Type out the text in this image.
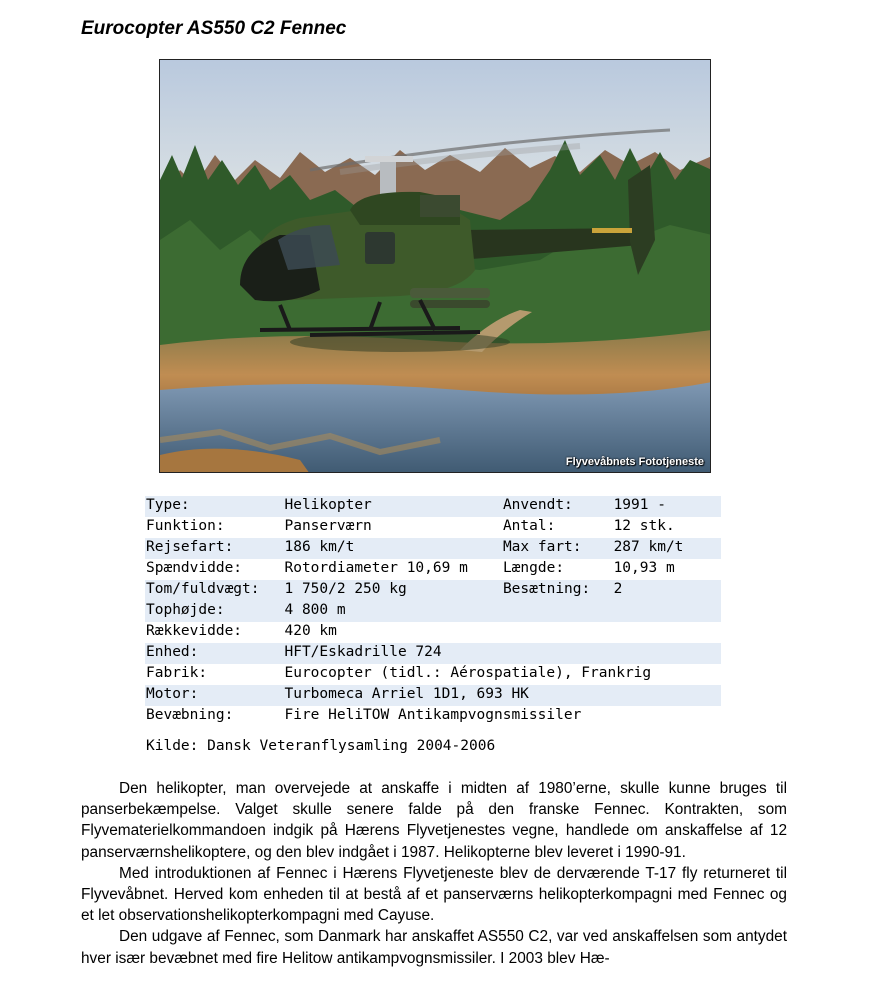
Eurocopter AS550 C2 Fennec
Flyvevåbnets Fototjeneste
Type:	Helikopter	Anvendt:	1991 -
Funktion:	Panserværn	Antal:	12 stk.
Rejsefart:	186 km/t	Max fart:	287 km/t
Spændvidde:	Rotordiameter 10,69 m	Længde:	10,93 m
Tom/fuldvægt:	1 750/2 250 kg	Besætning:	2
Tophøjde:	4 800 m		
Rækkevidde:	420 km		
Enhed:	HFT/Eskadrille 724		
Fabrik:	Eurocopter (tidl.: Aérospatiale), Frankrig		
Motor:	Turbomeca Arriel 1D1, 693 HK		
Bevæbning:	Fire HeliTOW Antikampvognsmissiler		
Kilde: Dansk Veteranflysamling 2004-2006

Den helikopter, man overvejede at anskaffe i midten af 1980’erne, skulle kunne bruges til panserbekæmpelse. Valget skulle senere falde på den franske Fennec. Kontrakten, som Flyvematerielkommandoen indgik på Hærens Flyvetjenestes vegne, handlede om anskaffelse af 12 panserværnshelikoptere, og den blev indgået i 1987. Helikopterne blev leveret i 1990-91.

Med introduktionen af Fennec i Hærens Flyvetjeneste blev de derværende T-17 fly returneret til Flyvevåbnet. Herved kom enheden til at bestå af et panserværns helikopterkompagni med Fennec og et let observationshelikopterkompagni med Cayuse.

Den udgave af Fennec, som Danmark har anskaffet AS550 C2, var ved anskaffelsen som antydet hver især bevæbnet med fire Helitow antikampvognsmissiler. I 2003 blev Hæ-
